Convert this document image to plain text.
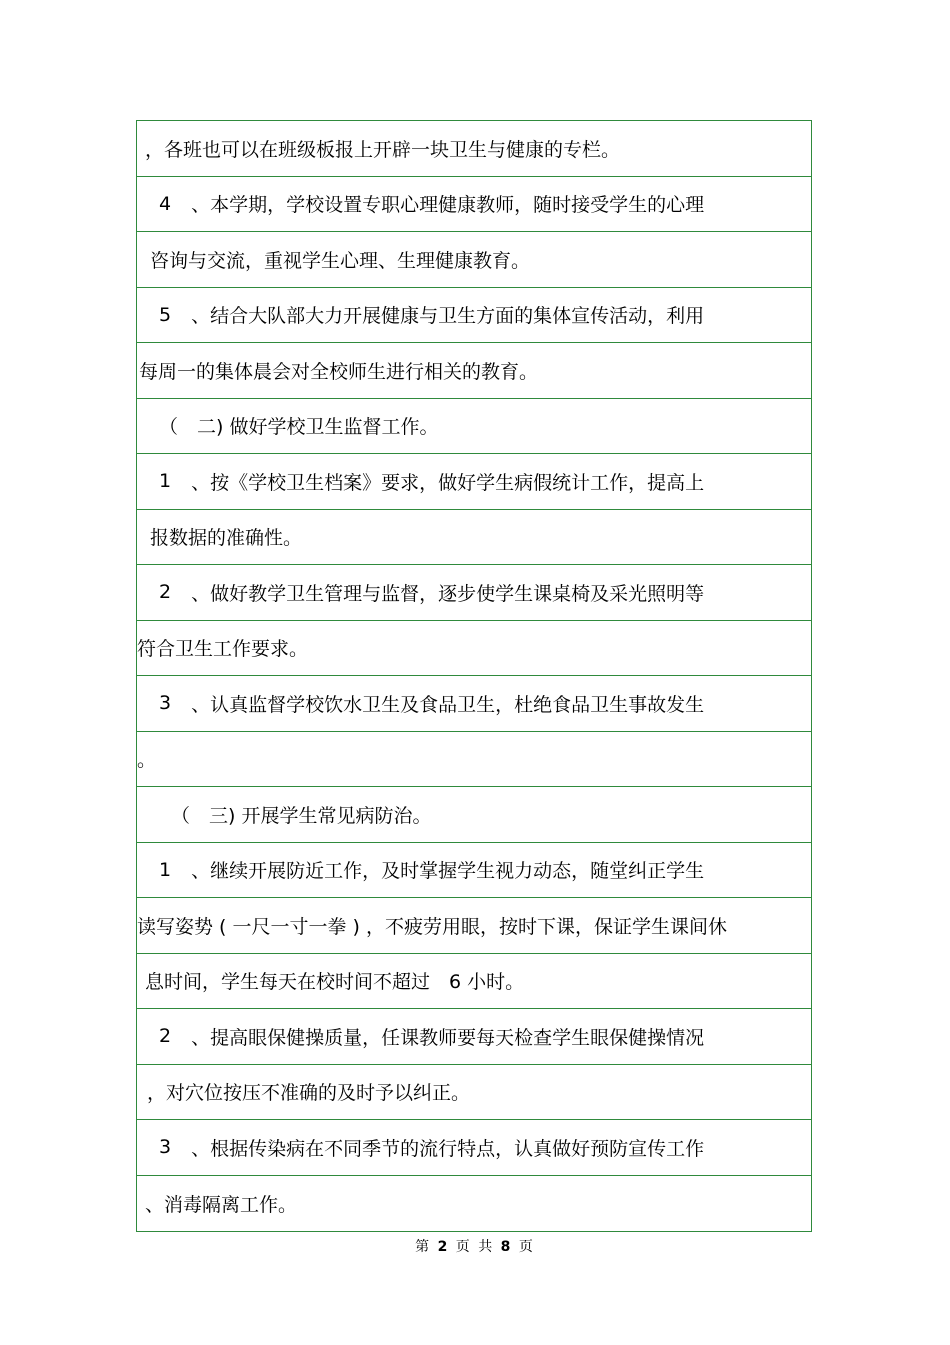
，各班也可以在班级板报上开辟一块卫生与健康的专栏。
4 、本学期，学校设置专职心理健康教师，随时接受学生的心理
咨询与交流，重视学生心理、生理健康教育。
5 、结合大队部大力开展健康与卫生方面的集体宣传活动，利用
每周一的集体晨会对全校师生进行相关的教育。
（　二) 做好学校卫生监督工作。
1 、按《学校卫生档案》要求，做好学生病假统计工作，提高上
报数据的准确性。
2 、做好教学卫生管理与监督，逐步使学生课桌椅及采光照明等
符合卫生工作要求。
3 、认真监督学校饮水卫生及食品卫生，杜绝食品卫生事故发生
。
（　三) 开展学生常见病防治。
1 、继续开展防近工作，及时掌握学生视力动态，随堂纠正学生
读写姿势 ( 一尺一寸一拳 ) ，不疲劳用眼，按时下课，保证学生课间休
息时间，学生每天在校时间不超过　6 小时。
2 、提高眼保健操质量，任课教师要每天检查学生眼保健操情况
，对穴位按压不准确的及时予以纠正。
3 、根据传染病在不同季节的流行特点，认真做好预防宣传工作
、消毒隔离工作。
第 2 页 共 8 页
